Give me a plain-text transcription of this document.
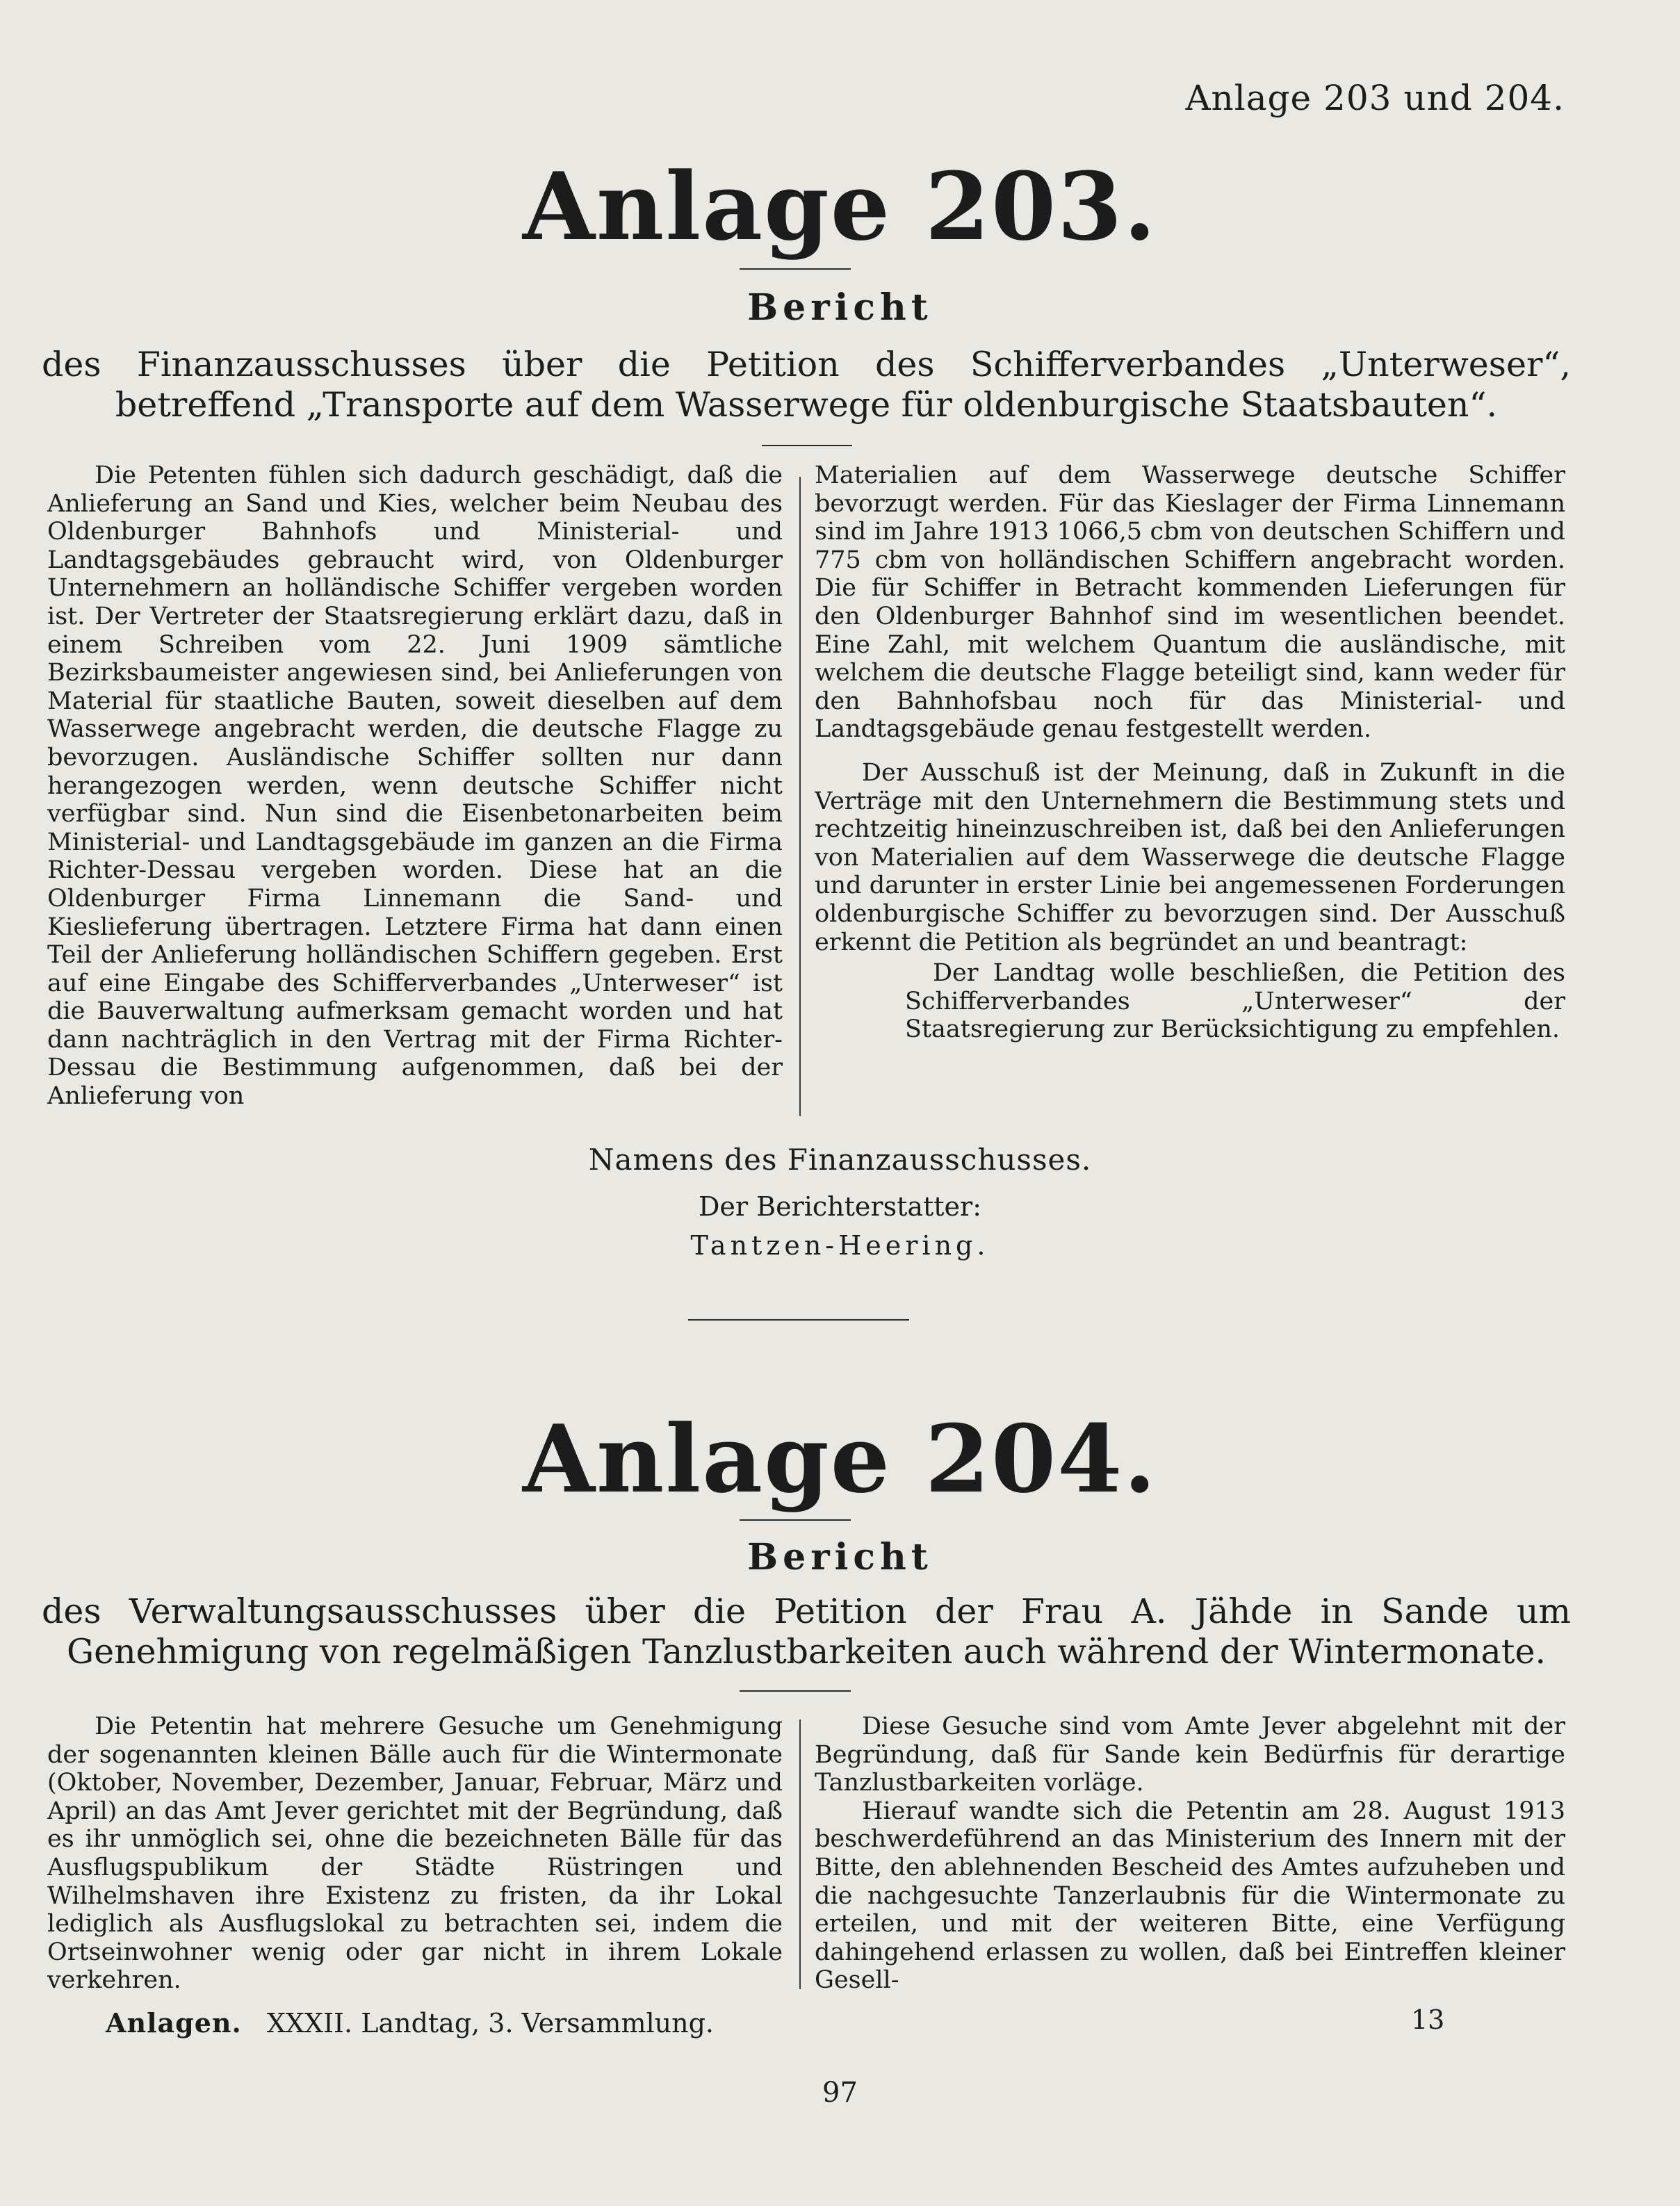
Anlage 203 und 204.
Anlage 203.
Bericht
des Finanzausschusses über die Petition des Schifferverbandes „Unterweser“, betreffend „Transporte auf dem Wasserwege für oldenburgische Staatsbauten“.

Die Petenten fühlen sich dadurch geschädigt, daß die Anlieferung an Sand und Kies, welcher beim Neubau des Oldenburger Bahnhofs und Ministerial- und Landtagsgebäudes gebraucht wird, von Oldenburger Unternehmern an holländische Schiffer vergeben worden ist. Der Vertreter der Staatsregierung erklärt dazu, daß in einem Schreiben vom 22. Juni 1909 sämtliche Bezirksbaumeister angewiesen sind, bei Anlieferungen von Material für staatliche Bauten, soweit dieselben auf dem Wasserwege angebracht werden, die deutsche Flagge zu bevorzugen. Ausländische Schiffer sollten nur dann herangezogen werden, wenn deutsche Schiffer nicht verfügbar sind. Nun sind die Eisenbetonarbeiten beim Ministerial- und Landtagsgebäude im ganzen an die Firma Richter-Dessau vergeben worden. Diese hat an die Oldenburger Firma Linnemann die Sand- und Kieslieferung übertragen. Letztere Firma hat dann einen Teil der Anlieferung holländischen Schiffern gegeben. Erst auf eine Eingabe des Schifferverbandes „Unterweser“ ist die Bauverwaltung aufmerksam gemacht worden und hat dann nachträglich in den Vertrag mit der Firma Richter-Dessau die Bestimmung aufgenommen, daß bei der Anlieferung von

Materialien auf dem Wasserwege deutsche Schiffer bevorzugt werden. Für das Kieslager der Firma Linnemann sind im Jahre 1913 1066,5 cbm von deutschen Schiffern und 775 cbm von holländischen Schiffern angebracht worden. Die für Schiffer in Betracht kommenden Lieferungen für den Oldenburger Bahnhof sind im wesentlichen beendet. Eine Zahl, mit welchem Quantum die ausländische, mit welchem die deutsche Flagge beteiligt sind, kann weder für den Bahnhofsbau noch für das Ministerial- und Landtagsgebäude genau festgestellt werden.

Der Ausschuß ist der Meinung, daß in Zukunft in die Verträge mit den Unternehmern die Bestimmung stets und rechtzeitig hineinzuschreiben ist, daß bei den Anlieferungen von Materialien auf dem Wasserwege die deutsche Flagge und darunter in erster Linie bei angemessenen Forderungen oldenburgische Schiffer zu bevorzugen sind. Der Ausschuß erkennt die Petition als begründet an und beantragt:

Der Landtag wolle beschließen, die Petition des Schifferverbandes „Unterweser“ der Staatsregierung zur Berücksichtigung zu empfehlen.

Namens des Finanzausschusses.
Der Berichterstatter:
Tantzen-Heering.
Anlage 204.
Bericht
des Verwaltungsausschusses über die Petition der Frau A. Jähde in Sande um Genehmigung von regelmäßigen Tanzlustbarkeiten auch während der Wintermonate.

Die Petentin hat mehrere Gesuche um Genehmigung der sogenannten kleinen Bälle auch für die Wintermonate (Oktober, November, Dezember, Januar, Februar, März und April) an das Amt Jever gerichtet mit der Begründung, daß es ihr unmöglich sei, ohne die bezeichneten Bälle für das Ausflugspublikum der Städte Rüstringen und Wilhelmshaven ihre Existenz zu fristen, da ihr Lokal lediglich als Ausflugslokal zu betrachten sei, indem die Ortseinwohner wenig oder gar nicht in ihrem Lokale verkehren.

Diese Gesuche sind vom Amte Jever abgelehnt mit der Begründung, daß für Sande kein Bedürfnis für derartige Tanzlustbarkeiten vorläge.

Hierauf wandte sich die Petentin am 28. August 1913 beschwerdeführend an das Ministerium des Innern mit der Bitte, den ablehnenden Bescheid des Amtes aufzuheben und die nachgesuchte Tanzerlaubnis für die Wintermonate zu erteilen, und mit der weiteren Bitte, eine Verfügung dahingehend erlassen zu wollen, daß bei Eintreffen kleiner Gesell-

Anlagen. XXXII. Landtag, 3. Versammlung.	13
97
